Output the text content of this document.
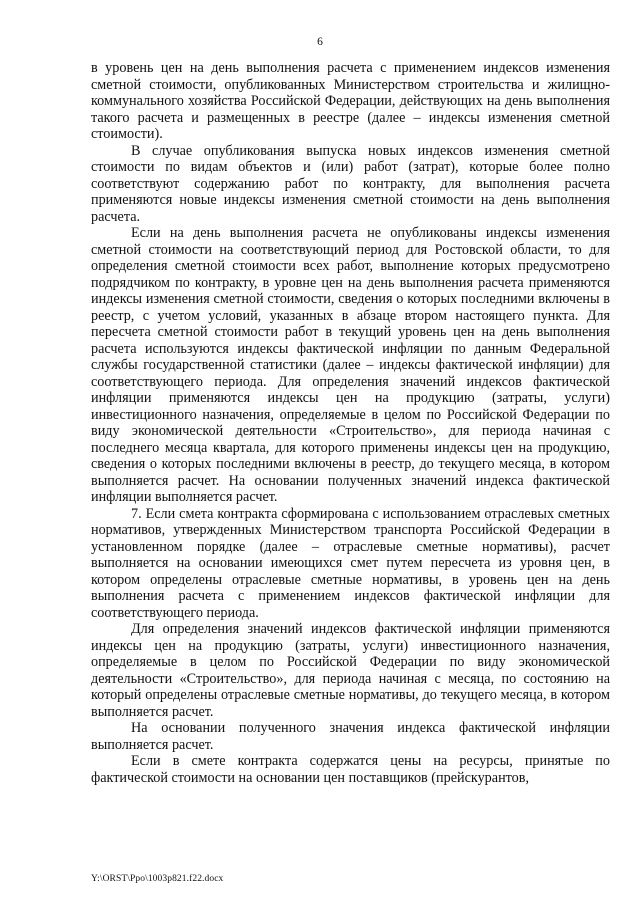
6

в уровень цен на день выполнения расчета с применением индексов изменения сметной стоимости, опубликованных Министерством строительства и жилищно-коммунального хозяйства Российской Федерации, действующих на день выполнения такого расчета и размещенных в реестре (далее – индексы изменения сметной стоимости).

В случае опубликования выпуска новых индексов изменения сметной стоимости по видам объектов и (или) работ (затрат), которые более полно соответствуют содержанию работ по контракту, для выполнения расчета применяются новые индексы изменения сметной стоимости на день выполнения расчета.

Если на день выполнения расчета не опубликованы индексы изменения сметной стоимости на соответствующий период для Ростовской области, то для определения сметной стоимости всех работ, выполнение которых предусмотрено подрядчиком по контракту, в уровне цен на день выполнения расчета применяются индексы изменения сметной стоимости, сведения о которых последними включены в реестр, с учетом условий, указанных в абзаце втором настоящего пункта. Для пересчета сметной стоимости работ в текущий уровень цен на день выполнения расчета используются индексы фактической инфляции по данным Федеральной службы государственной статистики (далее – индексы фактической инфляции) для соответствующего периода. Для определения значений индексов фактической инфляции применяются индексы цен на продукцию (затраты, услуги) инвестиционного назначения, определяемые в целом по Российской Федерации по виду экономической деятельности «Строительство», для периода начиная с последнего месяца квартала, для которого применены индексы цен на продукцию, сведения о которых последними включены в реестр, до текущего месяца, в котором выполняется расчет. На основании полученных значений индекса фактической инфляции выполняется расчет.

7. Если смета контракта сформирована с использованием отраслевых сметных нормативов, утвержденных Министерством транспорта Российской Федерации в установленном порядке (далее – отраслевые сметные нормативы), расчет выполняется на основании имеющихся смет путем пересчета из уровня цен, в котором определены отраслевые сметные нормативы, в уровень цен на день выполнения расчета с применением индексов фактической инфляции для соответствующего периода.

Для определения значений индексов фактической инфляции применяются индексы цен на продукцию (затраты, услуги) инвестиционного назначения, определяемые в целом по Российской Федерации по виду экономической деятельности «Строительство», для периода начиная с месяца, по состоянию на который определены отраслевые сметные нормативы, до текущего месяца, в котором выполняется расчет.

На основании полученного значения индекса фактической инфляции выполняется расчет.

Если в смете контракта содержатся цены на ресурсы, принятые по фактической стоимости на основании цен поставщиков (прейскурантов,

Y:\ORST\Ppo\1003p821.f22.docx
